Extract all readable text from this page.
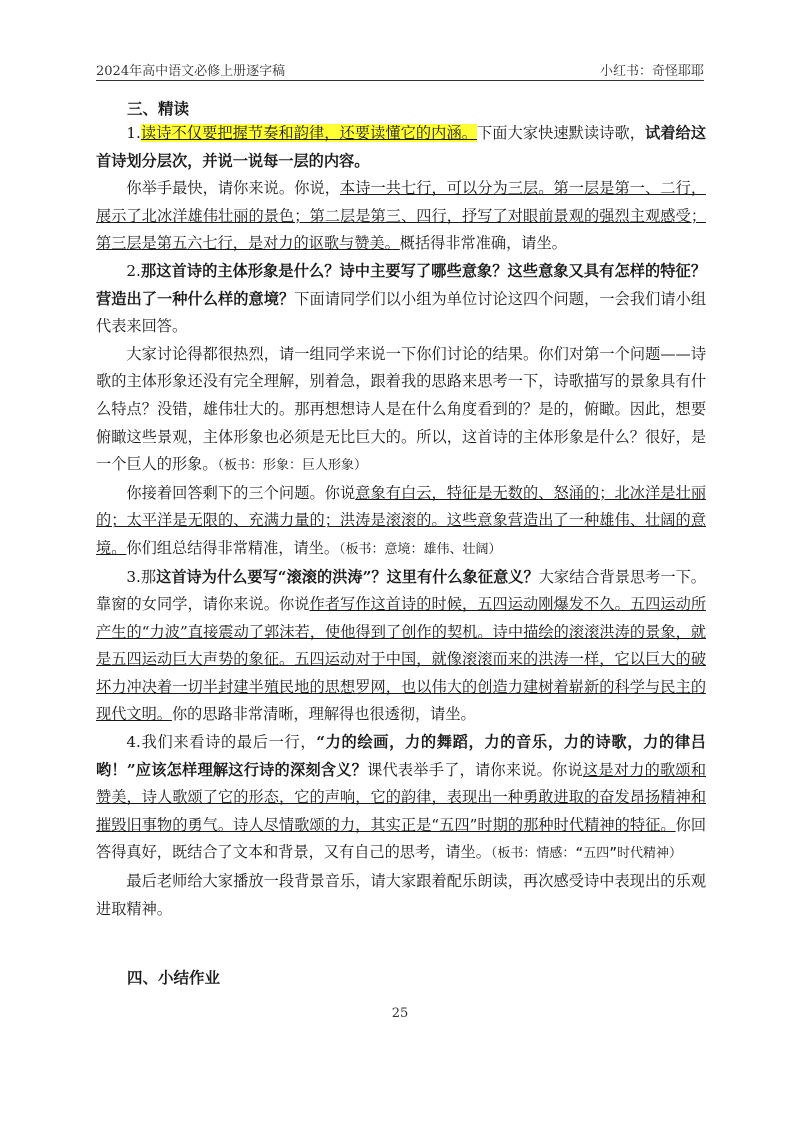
2024年高中语文必修上册逐字稿	小红书：奇怪耶耶
三、精读

1.读诗不仅要把握节奏和韵律，还要读懂它的内涵。下面大家快速默读诗歌，试着给这首诗划分层次，并说一说每一层的内容。

你举手最快，请你来说。你说，本诗一共七行，可以分为三层。第一层是第一、二行，展示了北冰洋雄伟壮丽的景色；第二层是第三、四行，抒写了对眼前景观的强烈主观感受；第三层是第五六七行，是对力的讴歌与赞美。概括得非常准确，请坐。

2.那这首诗的主体形象是什么？诗中主要写了哪些意象？这些意象又具有怎样的特征？营造出了一种什么样的意境？下面请同学们以小组为单位讨论这四个问题，一会我们请小组代表来回答。

大家讨论得都很热烈，请一组同学来说一下你们讨论的结果。你们对第一个问题——诗歌的主体形象还没有完全理解，别着急，跟着我的思路来思考一下，诗歌描写的景象具有什么特点？没错，雄伟壮大的。那再想想诗人是在什么角度看到的？是的，俯瞰。因此，想要俯瞰这些景观，主体形象也必须是无比巨大的。所以，这首诗的主体形象是什么？很好，是一个巨人的形象。（板书：形象：巨人形象）

你接着回答剩下的三个问题。你说意象有白云，特征是无数的、怒涌的；北冰洋是壮丽的；太平洋是无限的、充满力量的；洪涛是滚滚的。这些意象营造出了一种雄伟、壮阔的意境。你们组总结得非常精准，请坐。（板书：意境：雄伟、壮阔）

3.那这首诗为什么要写“滚滚的洪涛”？这里有什么象征意义？大家结合背景思考一下。靠窗的女同学，请你来说。你说作者写作这首诗的时候，五四运动刚爆发不久。五四运动所产生的“力波”直接震动了郭沫若，使他得到了创作的契机。诗中描绘的滚滚洪涛的景象，就是五四运动巨大声势的象征。五四运动对于中国，就像滚滚而来的洪涛一样，它以巨大的破坏力冲决着一切半封建半殖民地的思想罗网，也以伟大的创造力建树着崭新的科学与民主的现代文明。你的思路非常清晰，理解得也很透彻，请坐。

4.我们来看诗的最后一行，“力的绘画，力的舞蹈，力的音乐，力的诗歌，力的律吕哟！”应该怎样理解这行诗的深刻含义？课代表举手了，请你来说。你说这是对力的歌颂和赞美，诗人歌颂了它的形态，它的声响，它的韵律，表现出一种勇敢进取的奋发昂扬精神和摧毁旧事物的勇气。诗人尽情歌颂的力，其实正是“五四”时期的那种时代精神的特征。你回答得真好，既结合了文本和背景，又有自己的思考，请坐。（板书：情感：“五四”时代精神）

最后老师给大家播放一段背景音乐，请大家跟着配乐朗读，再次感受诗中表现出的乐观进取精神。

四、小结作业
25
